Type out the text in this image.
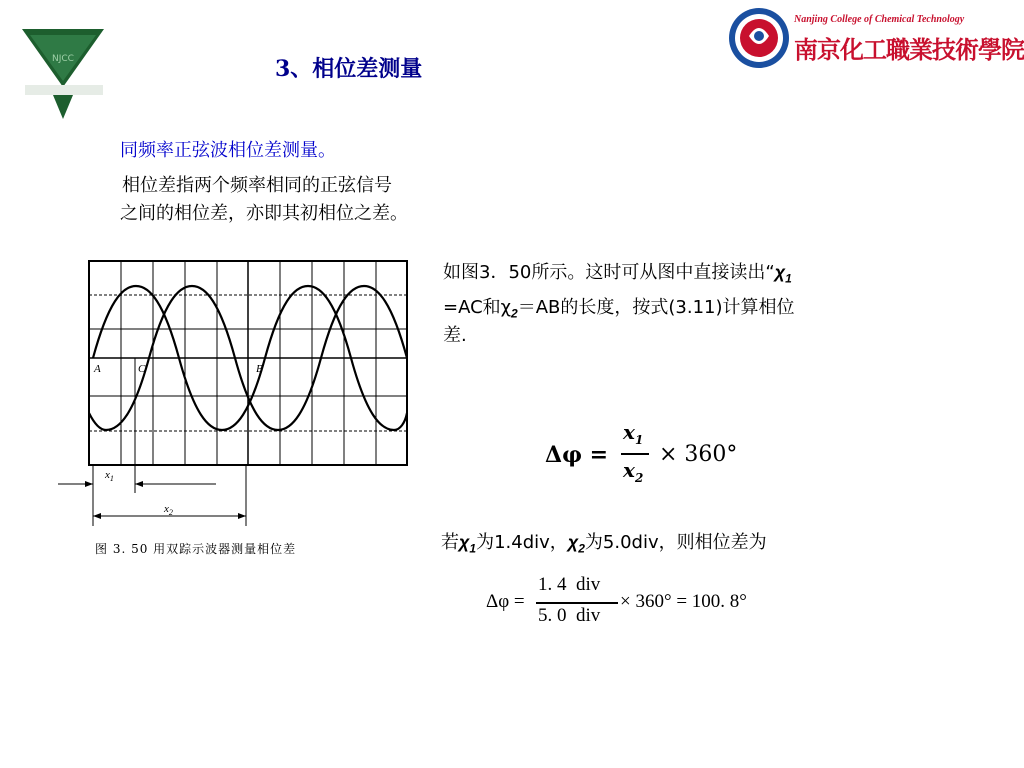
NJCC
Nanjing College of Chemical Technology
南京化工職業技術學院
3、相位差测量
同频率正弦波相位差测量。
相位差指两个频率相同的正弦信号
之间的相位差，亦即其初相位之差。
A	C	B
$x_1$
$x_2$
图 3. 50 用双踪示波器测量相位差
如图3．50所示。这时可从图中直接读出“$\chi_1$
=AC和$\chi_2=AB$的长度，按式(3.11)计算相位
差.
Δφ =
$x_1$
$x_2$
× 360°
若$\chi_1$为1.4div，$\chi_2$为5.0div，则相位差为
Δφ =
1. 4  div
5. 0  div
× 360° = 100. 8°
